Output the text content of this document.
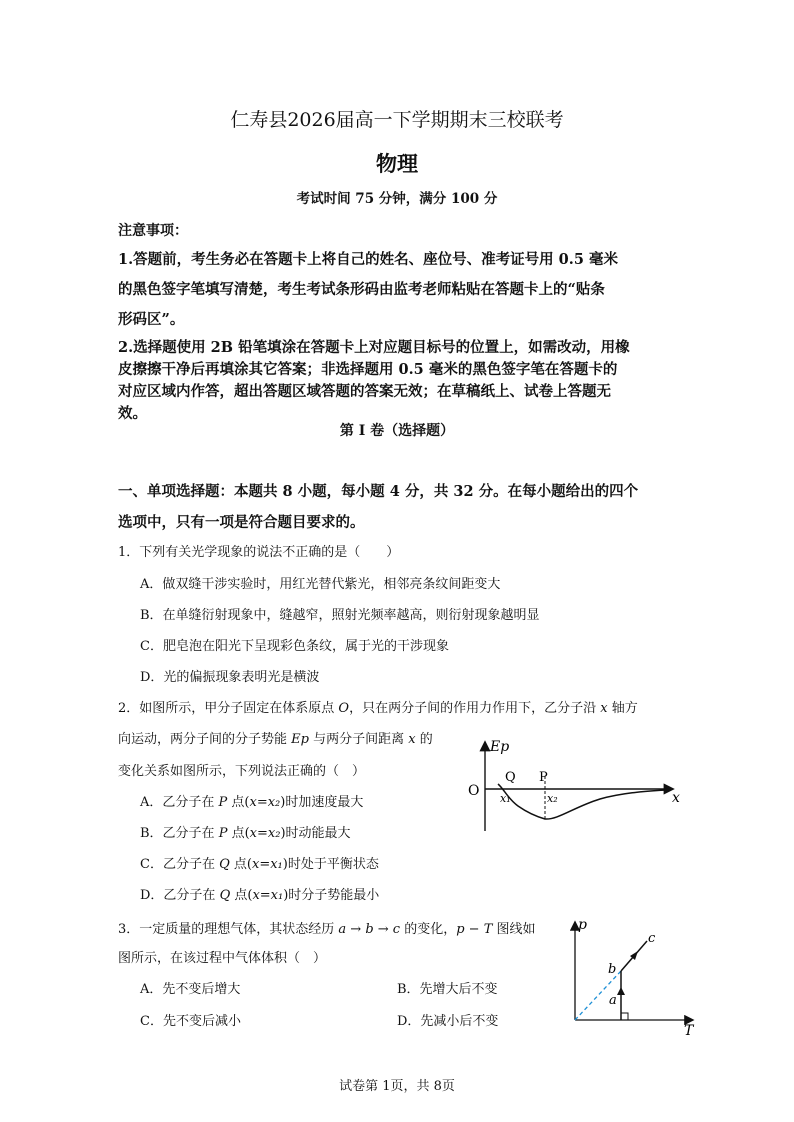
仁寿县2026届高一下学期期末三校联考
物理
考试时间 75 分钟，满分 100 分
注意事项：
1.答题前，考生务必在答题卡上将自己的姓名、座位号、准考证号用 0.5 毫米
的黑色签字笔填写清楚，考生考试条形码由监考老师粘贴在答题卡上的“贴条
形码区”。
2.选择题使用 2B 铅笔填涂在答题卡上对应题目标号的位置上，如需改动，用橡
皮擦擦干净后再填涂其它答案；非选择题用 0.5 毫米的黑色签字笔在答题卡的
对应区域内作答，超出答题区域答题的答案无效；在草稿纸上、试卷上答题无
效。
第 I 卷（选择题）
一、单项选择题：本题共 8 小题，每小题 4 分，共 32 分。在每小题给出的四个
选项中，只有一项是符合题目要求的。
1．下列有关光学现象的说法不正确的是（　　）
A．做双缝干涉实验时，用红光替代紫光，相邻亮条纹间距变大
B．在单缝衍射现象中，缝越窄，照射光频率越高，则衍射现象越明显
C．肥皂泡在阳光下呈现彩色条纹，属于光的干涉现象
D．光的偏振现象表明光是横波
2．如图所示，甲分子固定在体系原点 O，只在两分子间的作用力作用下，乙分子沿 x 轴方
向运动，两分子间的分子势能 Ep 与两分子间距离 x 的
变化关系如图所示，下列说法正确的（　）
A．乙分子在 P 点(x=x₂)时加速度最大
B．乙分子在 P 点(x=x₂)时动能最大
C．乙分子在 Q 点(x=x₁)时处于平衡状态
D．乙分子在 Q 点(x=x₁)时分子势能最小
Ep
O
Q P
x₁	x₂	x
3．一定质量的理想气体，其状态经历 a → b → c 的变化，p − T 图线如
图所示，在该过程中气体体积（　）
A．先不变后增大	B．先增大后不变
C．先不变后减小	D．先减小后不变
p
T
a
b
c
试卷第 1页，共 8页
